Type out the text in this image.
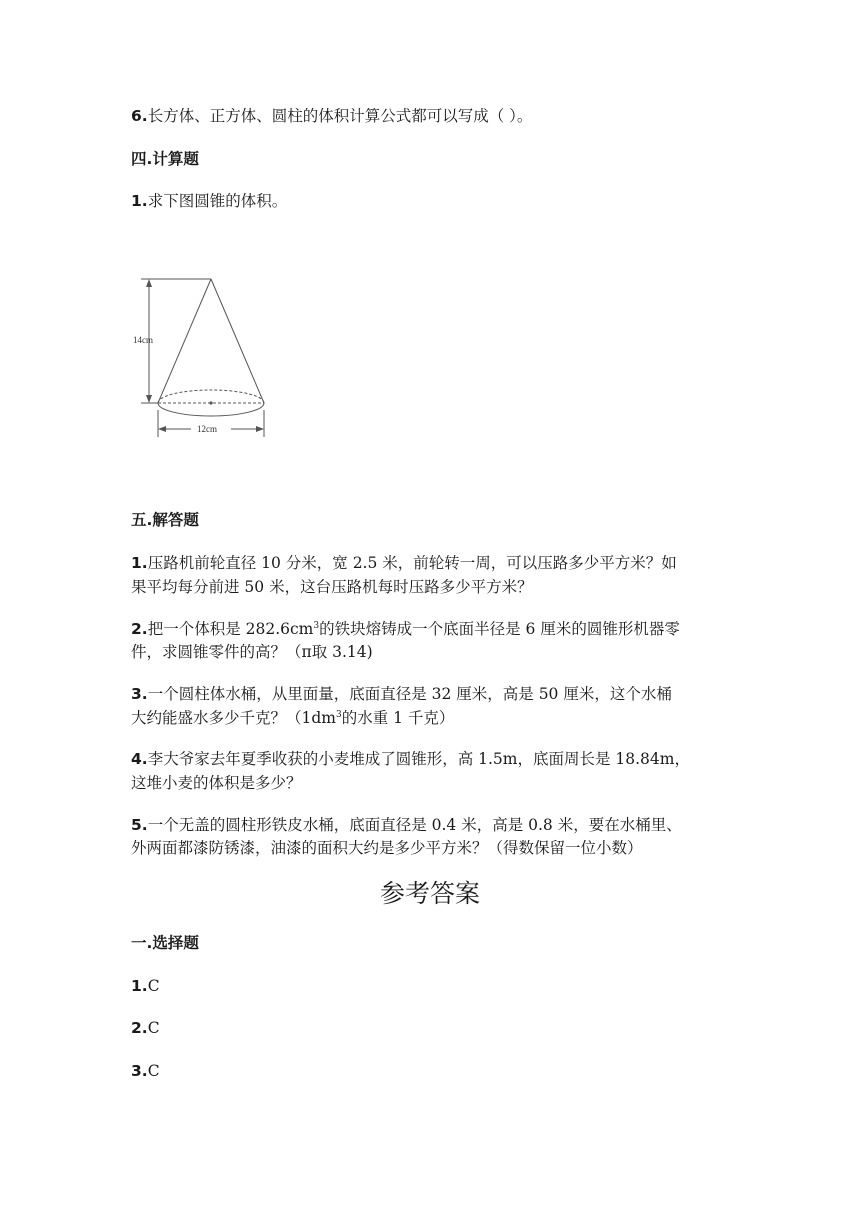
6.长方体、正方体、圆柱的体积计算公式都可以写成（ ）。
四.计算题
1.求下图圆锥的体积。
14cm
12cm
五.解答题
1.压路机前轮直径 10 分米，宽 2.5 米，前轮转一周，可以压路多少平方米？如
果平均每分前进 50 米，这台压路机每时压路多少平方米？
2.把一个体积是 $282.6cm^3$的铁块熔铸成一个底面半径是 6 厘米的圆锥形机器零
件，求圆锥零件的高？（π取 3.14)
3.一个圆柱体水桶，从里面量，底面直径是 32 厘米，高是 50 厘米，这个水桶
大约能盛水多少千克？（$1dm^3$的水重 1 千克）
4.李大爷家去年夏季收获的小麦堆成了圆锥形，高 1.5m，底面周长是 18.84m，
这堆小麦的体积是多少？
5.一个无盖的圆柱形铁皮水桶，底面直径是 0.4 米，高是 0.8 米，要在水桶里、
外两面都漆防锈漆，油漆的面积大约是多少平方米？（得数保留一位小数）
参考答案
一.选择题
1.C
2.C
3.C
